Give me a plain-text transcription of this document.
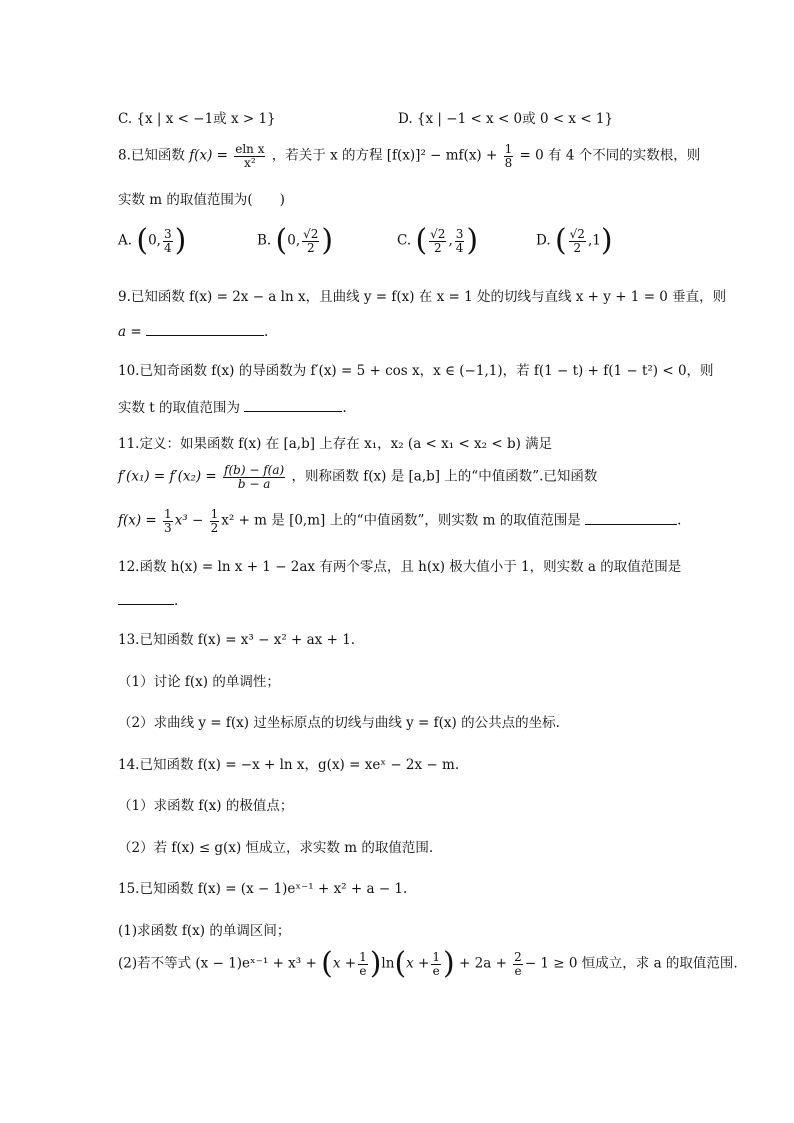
C. {x | x < −1或 x > 1}	D. {x | −1 < x < 0或 0 < x < 1}
8.已知函数 $f(x) = \frac{\text{eln x}}{\text{x²}}$ ，若关于 x 的方程 $[f(x)]^2 - mf(x) + \frac{1}{8} = 0$ 有 4 个不同的实数根，则
实数 m 的取值范围为(　　)
A. (0, $\frac{3}{4}$ )	B. (0, $\frac{√2}{2}$ )	C. ( $\frac{√2}{2}$ , $\frac{3}{4}$ )	D. ( $\frac{√2}{2} ,1$)
9.已知函数 f(x) = 2x − a ln x，且曲线 y = f(x) 在 x = 1 处的切线与直线 x + y + 1 = 0 垂直，则
a =	.
10.已知奇函数 f(x) 的导函数为 f′(x) = 5 + cos x，x ∈ (−1,1)，若 f(1 − t) + f(1 − t²) < 0，则
实数 t 的取值范围为	.
11.定义：如果函数 f(x) 在 [a,b] 上存在 x₁，x₂ (a < x₁ < x₂ < b) 满足
$f'(x_1) = f'(x_2) = \frac{f(b) - f(a)}{b - a}$ ，则称函数 f(x) 是 [a,b] 上的“中值函数”.已知函数
$f(x) = \frac{1}{3} x^3 - \frac{1}{2} x^2 + m$ 是 [0,m] 上的“中值函数”，则实数 m 的取值范围是	.
12.函数 h(x) = ln x + 1 − 2ax 有两个零点，且 h(x) 极大值小于 1，则实数 a 的取值范围是
.
13.已知函数 f(x) = x³ − x² + ax + 1.
（1）讨论 f(x) 的单调性；
（2）求曲线 y = f(x) 过坐标原点的切线与曲线 y = f(x) 的公共点的坐标.
14.已知函数 f(x) = −x + ln x，g(x) = xeˣ − 2x − m.
（1）求函数 f(x) 的极值点；
（2）若 f(x) ≤ g(x) 恒成立，求实数 m 的取值范围.
15.已知函数 f(x) = (x − 1)eˣ⁻¹ + x² + a − 1.
(1)求函数 f(x) 的单调区间；
(2)若不等式 (x − 1)eˣ⁻¹ + $x^3 + (x + \frac{1}{e} )\ln(x + \frac{1}{e}$ ) + $2a + \frac{2}{e} - 1 \ge 0$ 恒成立，求 a 的取值范围.
